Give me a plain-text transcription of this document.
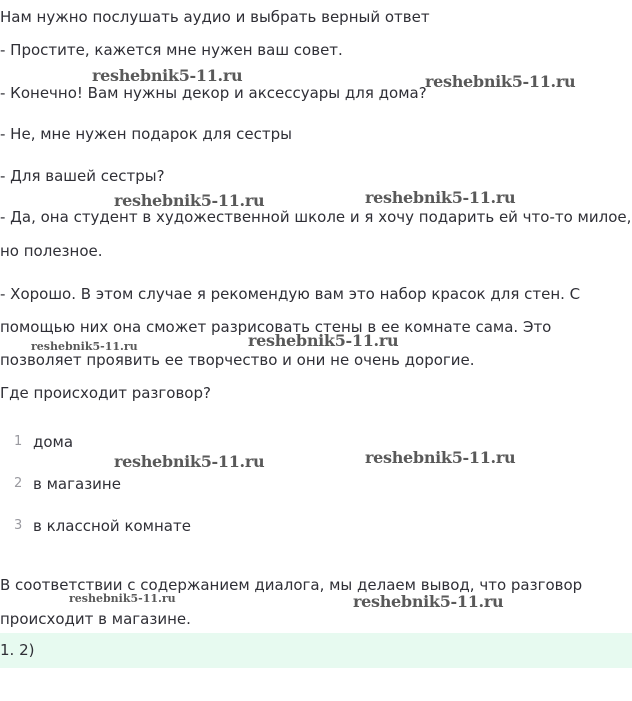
Нам нужно послушать аудио и выбрать верный ответ

- Простите, кажется мне нужен ваш совет.

- Конечно! Вам нужны декор и аксессуары для дома?

- Не, мне нужен подарок для сестры

- Для вашей сестры?

- Да, она студент в художественной школе и я хочу подарить ей что-то милое,

но полезное.

- Хорошо. В этом случае я рекомендую вам это набор красок для стен. С

помощью них она сможет разрисовать стены в ее комнате сама. Это

позволяет проявить ее творчество и они не очень дорогие.

Где происходит разговор?

1 дома
2 в магазине
3 в классной комнате

В соответствии с содержанием диалога, мы делаем вывод, что разговор

происходит в магазине.

1. 2)
reshebnik5-11.ru	reshebnik5-11.ru
reshebnik5-11.ru	reshebnik5-11.ru
reshebnik5-11.ru	reshebnik5-11.ru
reshebnik5-11.ru	reshebnik5-11.ru
reshebnik5-11.ru	reshebnik5-11.ru
